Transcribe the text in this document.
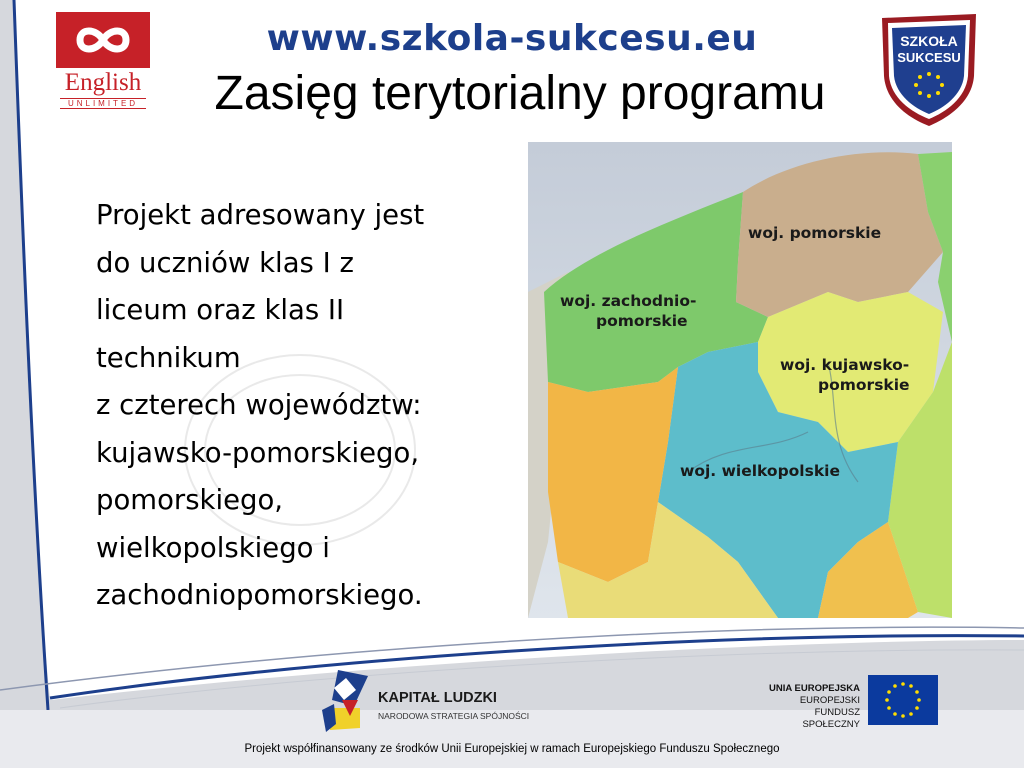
English
UNLIMITED
www.szkola-sukcesu.eu
Zasięg terytorialny programu
SZKOŁA
SUKCESU
Projekt adresowany jest
do uczniów klas I z
liceum oraz klas II
technikum
z czterech województw:
kujawsko-pomorskiego,
pomorskiego,
wielkopolskiego i
zachodniopomorskiego.
woj. pomorskie
woj. zachodnio-
pomorskie
woj. kujawsko-
pomorskie
woj. wielkopolskie
KAPITAŁ LUDZKI
NARODOWA STRATEGIA SPÓJNOŚCI
UNIA EUROPEJSKA
EUROPEJSKI
FUNDUSZ SPOŁECZNY
Projekt współfinansowany ze środków Unii Europejskiej w ramach Europejskiego Funduszu Społecznego
